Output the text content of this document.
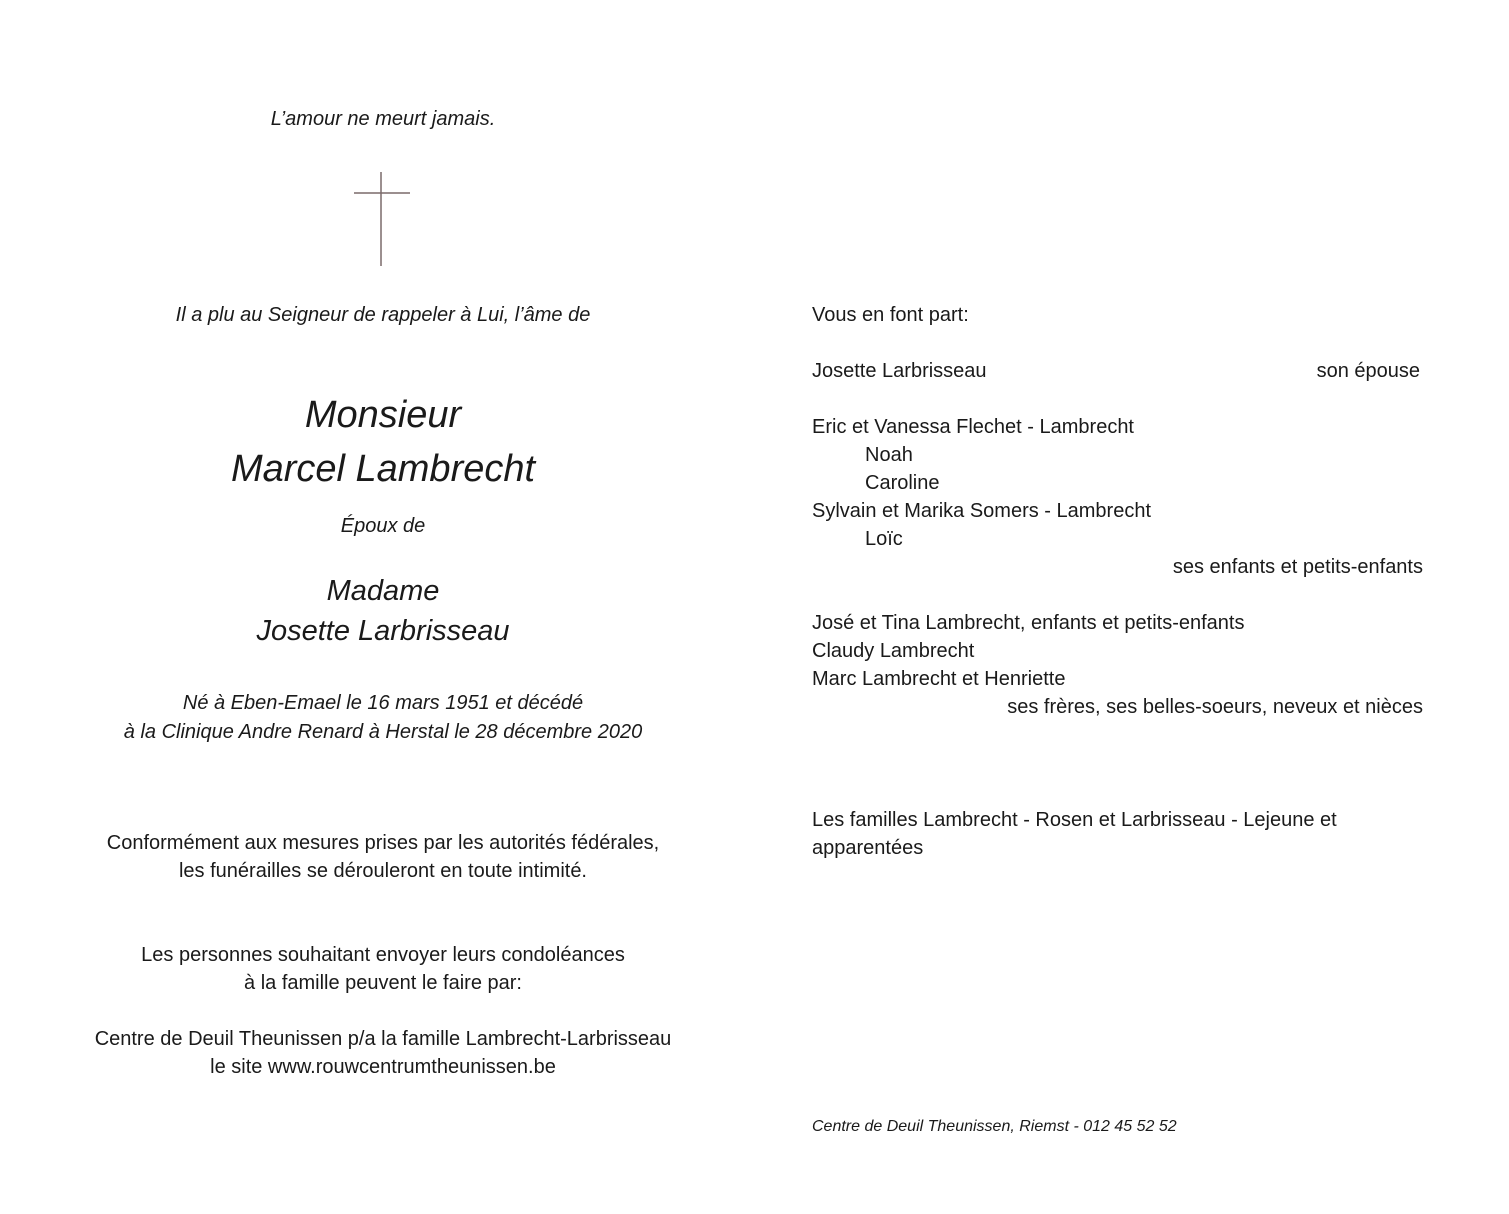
L’amour ne meurt jamais.
Il a plu au Seigneur de rappeler à Lui, l’âme de
Monsieur
Marcel Lambrecht
Époux de
Madame
Josette Larbrisseau
Né à Eben-Emael le 16 mars 1951 et décédé
à la Clinique Andre Renard à Herstal le 28 décembre 2020
Conformément aux mesures prises par les autorités fédérales,
les funérailles se dérouleront en toute intimité.
Les personnes souhaitant envoyer leurs condoléances
à la famille peuvent le faire par:
Centre de Deuil Theunissen p/a la famille Lambrecht-Larbrisseau
le site www.rouwcentrumtheunissen.be
Vous en font part:
Josette Larbrisseau	son épouse
Eric et Vanessa Flechet - Lambrecht
Noah
Caroline
Sylvain et Marika Somers - Lambrecht
Loïc
ses enfants et petits-enfants
José et Tina Lambrecht, enfants et petits-enfants
Claudy Lambrecht
Marc Lambrecht et Henriette
ses frères, ses belles-soeurs, neveux et nièces
Les familles Lambrecht - Rosen et Larbrisseau - Lejeune et
apparentées
Centre de Deuil Theunissen, Riemst - 012 45 52 52
